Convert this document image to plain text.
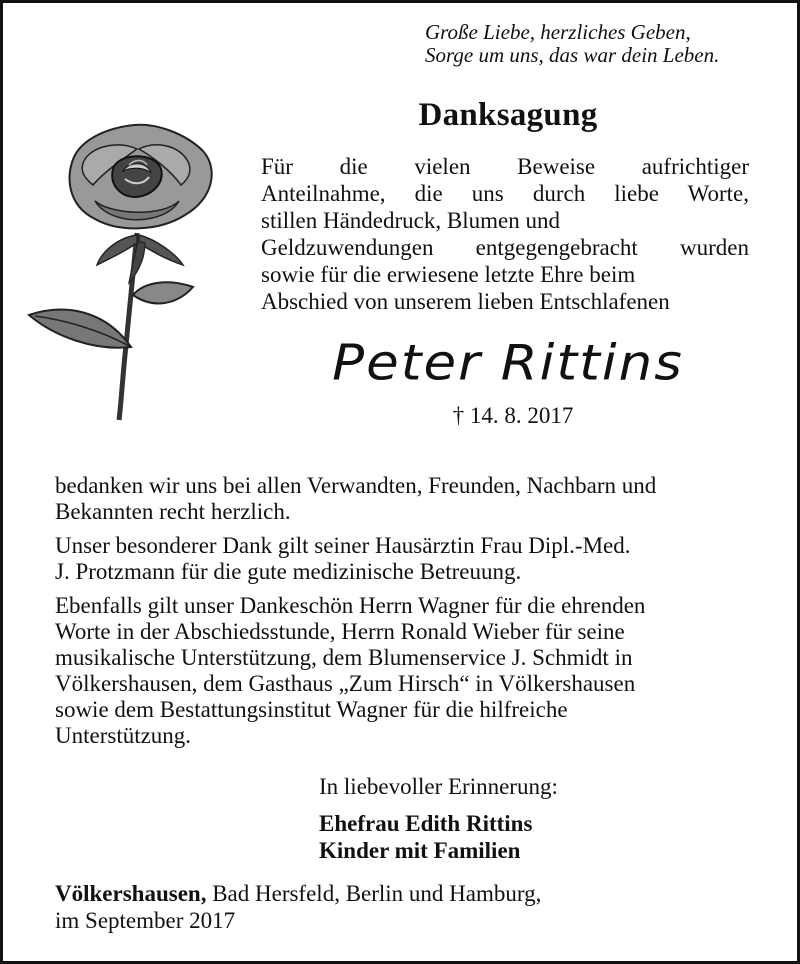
Große Liebe, herzliches Geben,
Sorge um uns, das war dein Leben.
Danksagung
Für die vielen Beweise aufrichtiger
Anteilnahme, die uns durch liebe Worte,
stillen Händedruck, Blumen und
Geldzuwendungen entgegengebracht wurden
sowie für die erwiesene letzte Ehre beim
Abschied von unserem lieben Entschlafenen
Peter Rittins
† 14. 8. 2017

bedanken wir uns bei allen Verwandten, Freunden, Nachbarn und
Bekannten recht herzlich.

Unser besonderer Dank gilt seiner Hausärztin Frau Dipl.-Med.
J. Protzmann für die gute medizinische Betreuung.

Ebenfalls gilt unser Dankeschön Herrn Wagner für die ehrenden
Worte in der Abschiedsstunde, Herrn Ronald Wieber für seine
musikalische Unterstützung, dem Blumenservice J. Schmidt in
Völkershausen, dem Gasthaus „Zum Hirsch“ in Völkershausen
sowie dem Bestattungsinstitut Wagner für die hilfreiche
Unterstützung.

In liebevoller Erinnerung:
Ehefrau Edith Rittins
Kinder mit Familien
Völkershausen, Bad Hersfeld, Berlin und Hamburg,
im September 2017
